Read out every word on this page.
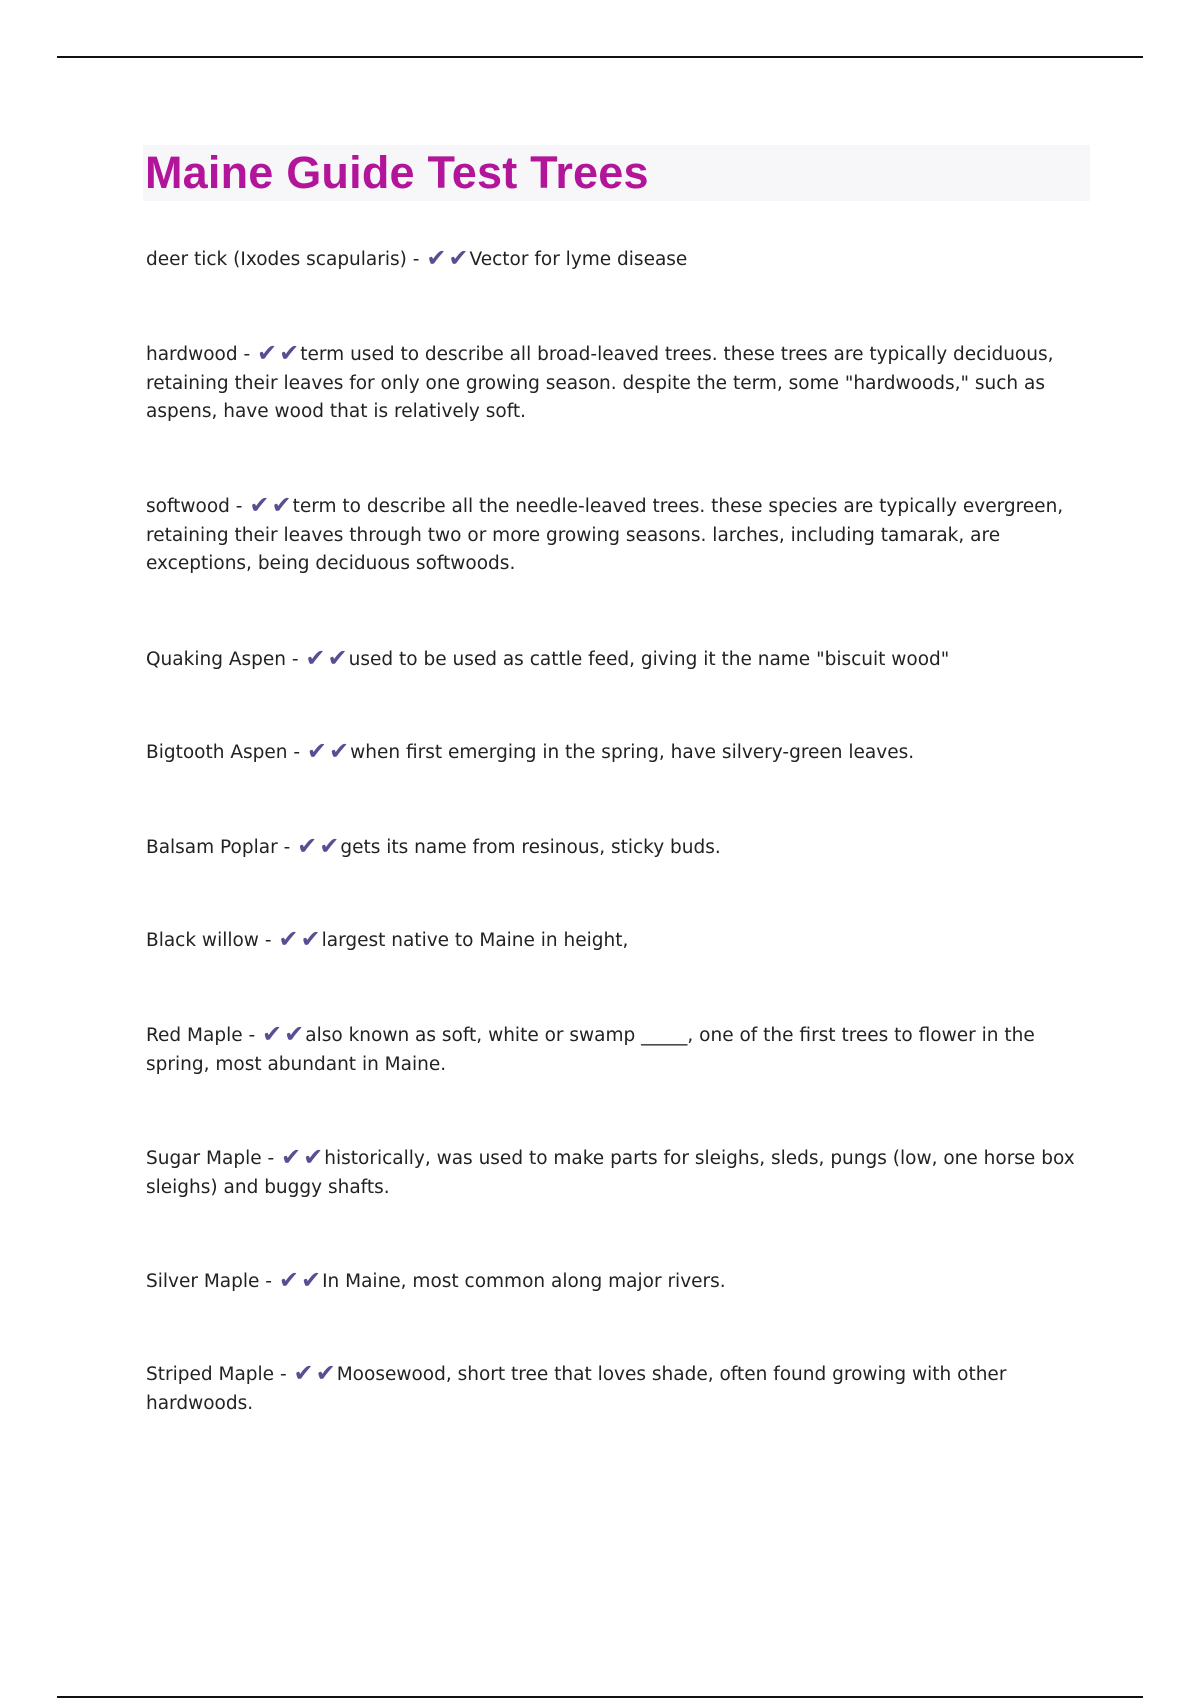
Maine Guide Test Trees

deer tick (Ixodes scapularis) - ✔✔Vector for lyme disease

hardwood - ✔✔term used to describe all broad-leaved trees. these trees are typically deciduous, retaining their leaves for only one growing season. despite the term, some "hardwoods," such as aspens, have wood that is relatively soft.

softwood - ✔✔term to describe all the needle-leaved trees. these species are typically evergreen, retaining their leaves through two or more growing seasons. larches, including tamarak, are exceptions, being deciduous softwoods.

Quaking Aspen - ✔✔used to be used as cattle feed, giving it the name "biscuit wood"

Bigtooth Aspen - ✔✔when first emerging in the spring, have silvery-green leaves.

Balsam Poplar - ✔✔gets its name from resinous, sticky buds.

Black willow - ✔✔largest native to Maine in height,

Red Maple - ✔✔also known as soft, white or swamp _____, one of the first trees to flower in the spring, most abundant in Maine.

Sugar Maple - ✔✔historically, was used to make parts for sleighs, sleds, pungs (low, one horse box sleighs) and buggy shafts.

Silver Maple - ✔✔In Maine, most common along major rivers.

Striped Maple - ✔✔Moosewood, short tree that loves shade, often found growing with other hardwoods.
